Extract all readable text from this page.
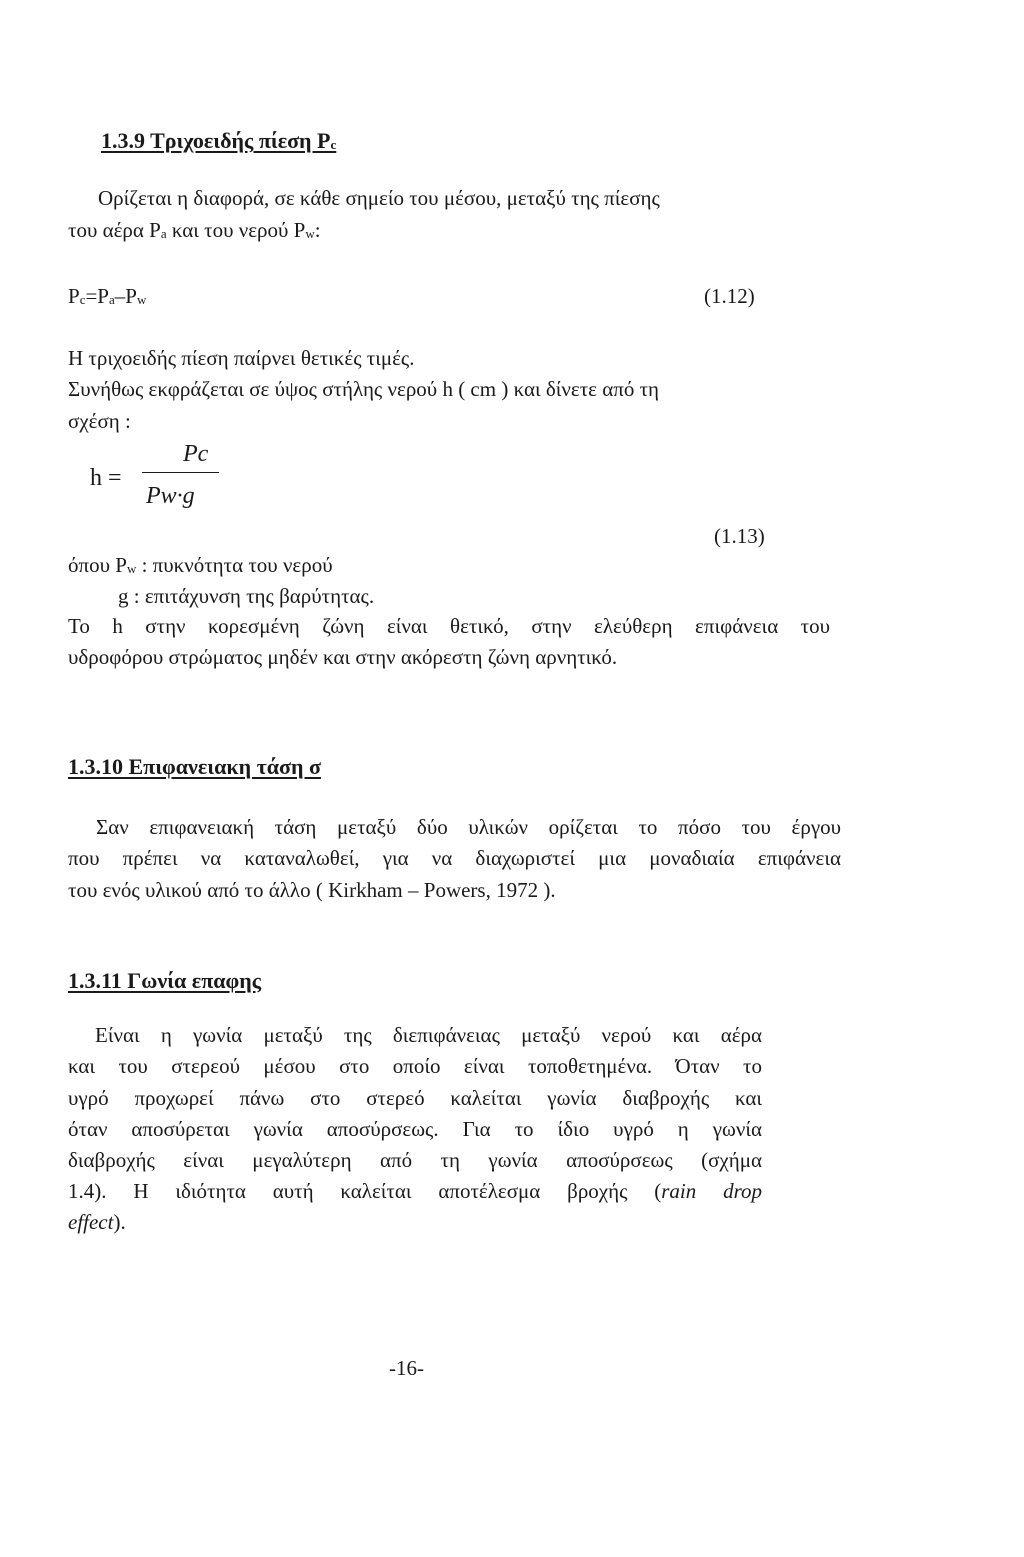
1.3.9 Τριχοειδής πίεση Pc
Ορίζεται η διαφορά, σε κάθε σημείο του μέσου, μεταξύ της πίεσης
του αέρα Pa και του νερού Pw:
Pc=Pa–Pw	(1.12)
Η τριχοειδής πίεση παίρνει θετικές τιμές.
Συνήθως εκφράζεται σε ύψος στήλης νερού h ( cm ) και δίνετε από τη
σχέση :
h =
Pc
Pw·g
(1.13)
όπου Pw : πυκνότητα του νερού
g : επιτάχυνση της βαρύτητας.
Το h στην κορεσμένη ζώνη είναι θετικό, στην ελεύθερη επιφάνεια του
υδροφόρου στρώματος μηδέν και στην ακόρεστη ζώνη αρνητικό.
1.3.10 Επιφανειακη τάση σ
Σαν επιφανειακή τάση μεταξύ δύο υλικών ορίζεται το πόσο του έργου
που πρέπει να καταναλωθεί, για να διαχωριστεί μια μοναδιαία επιφάνεια
του ενός υλικού από το άλλο ( Kirkham – Powers, 1972 ).
1.3.11 Γωνία επαφης
Είναι η γωνία μεταξύ της διεπιφάνειας μεταξύ νερού και αέρα
και του στερεού μέσου στο οποίο είναι τοποθετημένα. Όταν το
υγρό προχωρεί πάνω στο στερεό καλείται γωνία διαβροχής και
όταν αποσύρεται γωνία αποσύρσεως. Για το ίδιο υγρό η γωνία
διαβροχής είναι μεγαλύτερη από τη γωνία αποσύρσεως (σχήμα
1.4). Η ιδιότητα αυτή καλείται αποτέλεσμα βροχής (rain drop
effect).
-16-
